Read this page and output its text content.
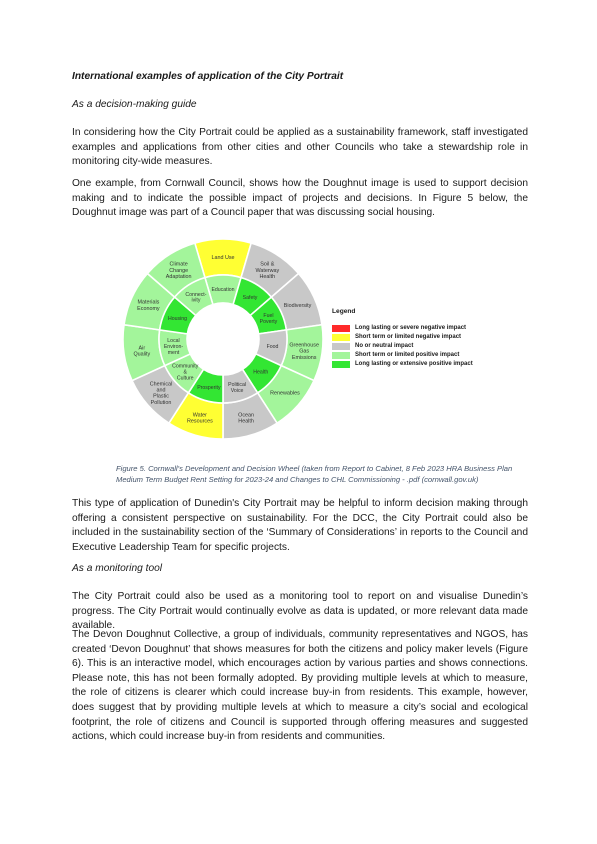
International examples of application of the City Portrait

As a decision-making guide

In considering how the City Portrait could be applied as a sustainability framework, staff investigated examples and applications from other cities and other Councils who take a stewardship role in monitoring city-wide measures.

One example, from Cornwall Council, shows how the Doughnut image is used to support decision making and to indicate the possible impact of projects and decisions. In Figure 5 below, the Doughnut image was part of a Council paper that was discussing social housing.

Land Use
Soil & Waterway Health
Biodiversity
Greenhouse Gas Emissions
Renewables
Ocean Health
Water Resources
Chemical and Plastic Pollution
Air Quality
Materials Economy
Climate Change Adaptation
Education
Safety
Fuel Poverty
Food
Health
Political Voice
Prosperity
Community & Culture
Local Environ-ment
Housing
Connect-ivity
Legend
Long lasting or severe negative impact
Short term or limited negative impact
No or neutral impact
Short term or limited positive impact
Long lasting or extensive positive impact
Figure 5. Cornwall's Development and Decision Wheel (taken from Report to Cabinet, 8 Feb 2023 HRA Business Plan Medium Term Budget Rent Setting for 2023-24 and Changes to CHL Commissioning - .pdf (cornwall.gov.uk)

This type of application of Dunedin's City Portrait may be helpful to inform decision making through offering a consistent perspective on sustainability. For the DCC, the City Portrait could also be included in the sustainability section of the ‘Summary of Considerations’ in reports to the Council and Executive Leadership Team for specific projects.

As a monitoring tool

The City Portrait could also be used as a monitoring tool to report on and visualise Dunedin’s progress. The City Portrait would continually evolve as data is updated, or more relevant data made available.

The Devon Doughnut Collective, a group of individuals, community representatives and NGOS, has created ‘Devon Doughnut’ that shows measures for both the citizens and policy maker levels (Figure 6). This is an interactive model, which encourages action by various parties and shows connections. Please note, this has not been formally adopted. By providing multiple levels at which to measure, the role of citizens is clearer which could increase buy-in from residents. This example, however, does suggest that by providing multiple levels at which to measure a city’s social and ecological footprint, the role of citizens and Council is supported through offering measures and suggested actions, which could increase buy-in from residents and communities.
